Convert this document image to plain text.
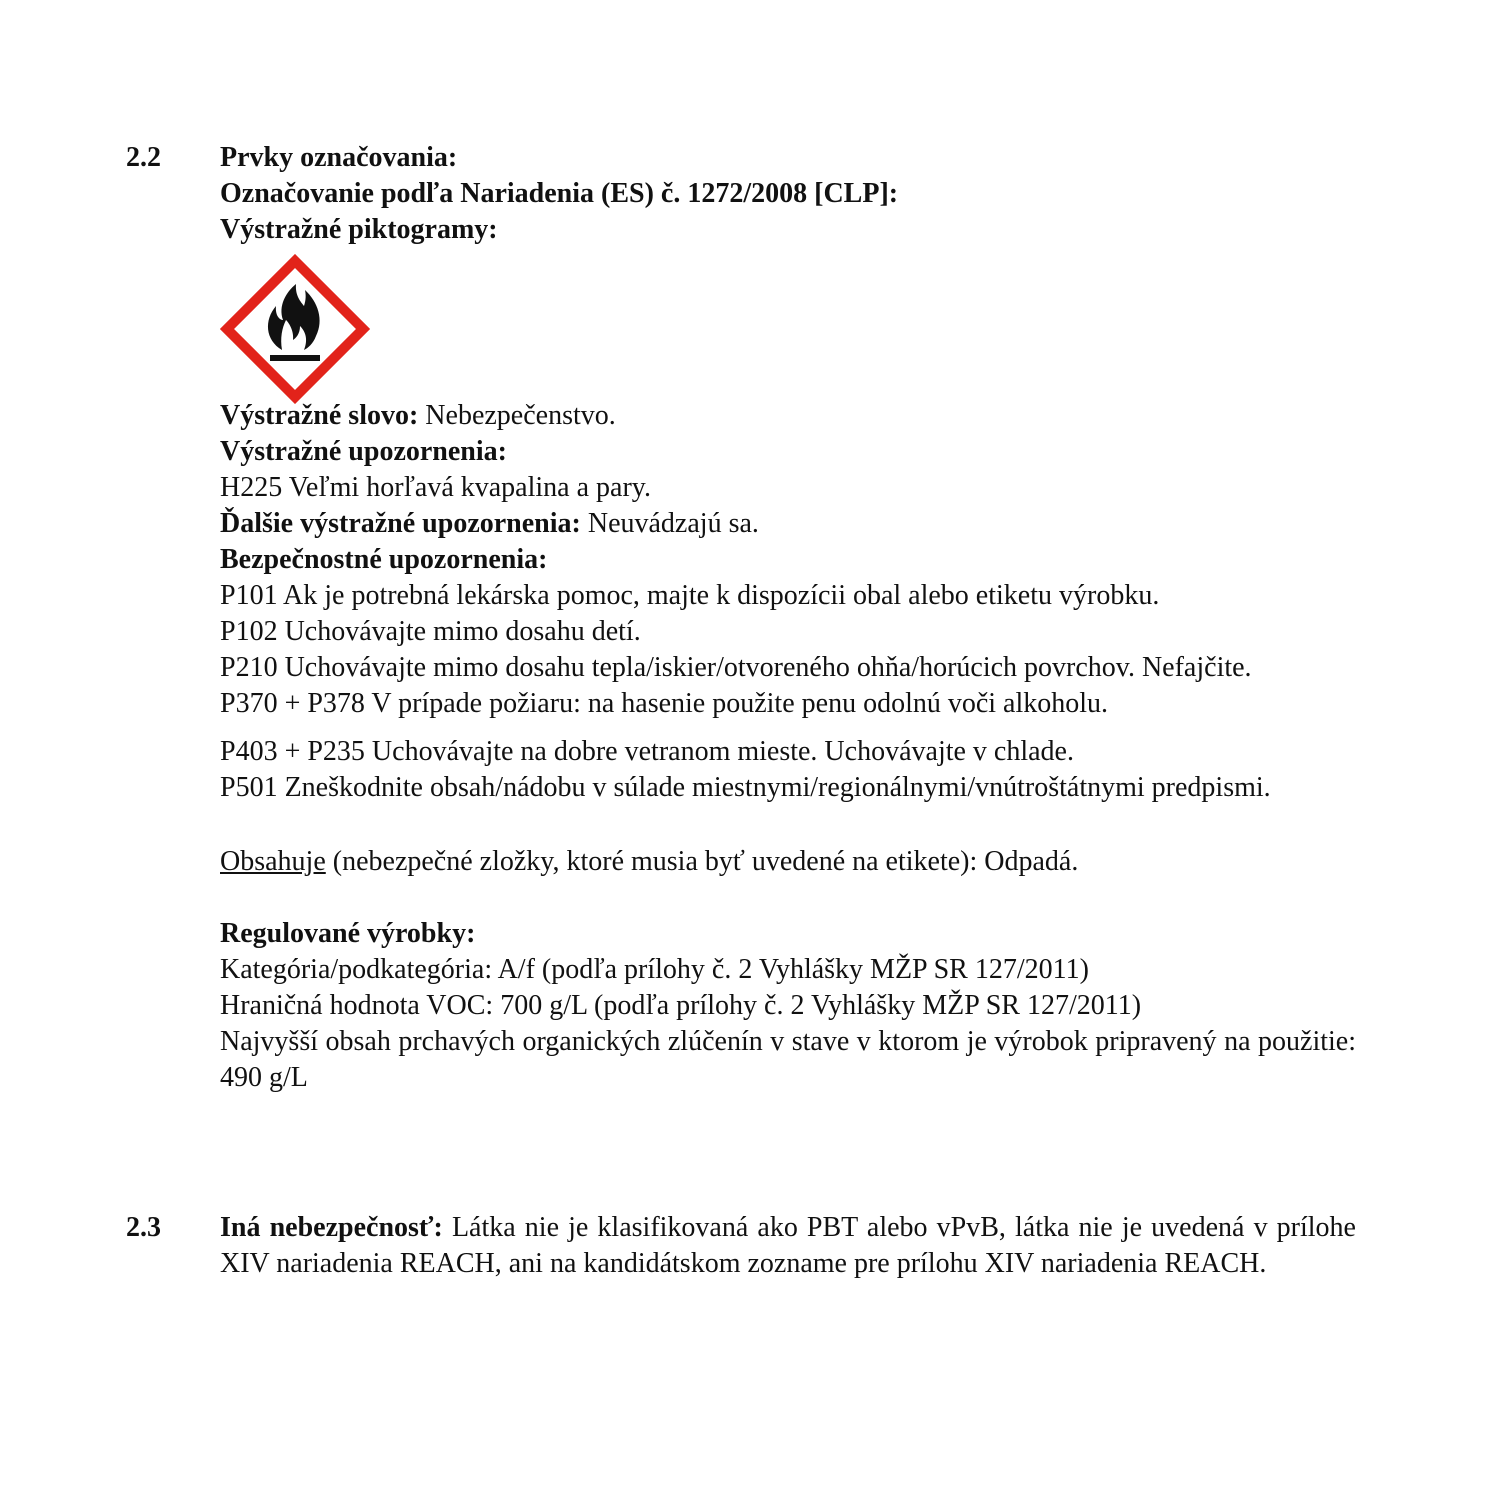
2.2 Prvky označovania:
Označovanie podľa Nariadenia (ES) č. 1272/2008 [CLP]:
Výstražné piktogramy:
Výstražné slovo: Nebezpečenstvo.
Výstražné upozornenia:
H225 Veľmi horľavá kvapalina a pary.
Ďalšie výstražné upozornenia: Neuvádzajú sa.
Bezpečnostné upozornenia:
P101 Ak je potrebná lekárska pomoc, majte k dispozícii obal alebo etiketu výrobku.
P102 Uchovávajte mimo dosahu detí.
P210 Uchovávajte mimo dosahu tepla/iskier/otvoreného ohňa/horúcich povrchov. Nefajčite.
P370 + P378 V prípade požiaru: na hasenie použite penu odolnú voči alkoholu.
P403 + P235 Uchovávajte na dobre vetranom mieste. Uchovávajte v chlade.
P501 Zneškodnite obsah/nádobu v súlade miestnymi/regionálnymi/vnútroštátnymi predpismi.
Obsahuje (nebezpečné zložky, ktoré musia byť uvedené na etikete): Odpadá.
Regulované výrobky:
Kategória/podkategória: A/f (podľa prílohy č. 2 Vyhlášky MŽP SR 127/2011)
Hraničná hodnota VOC: 700 g/L (podľa prílohy č. 2 Vyhlášky MŽP SR 127/2011)
Najvyšší obsah prchavých organických zlúčenín v stave v ktorom je výrobok pripravený na použitie: 490 g/L
2.3 Iná nebezpečnosť: Látka nie je klasifikovaná ako PBT alebo vPvB, látka nie je uvedená v prílohe XIV nariadenia REACH, ani na kandidátskom zozname pre prílohu XIV nariadenia REACH.
